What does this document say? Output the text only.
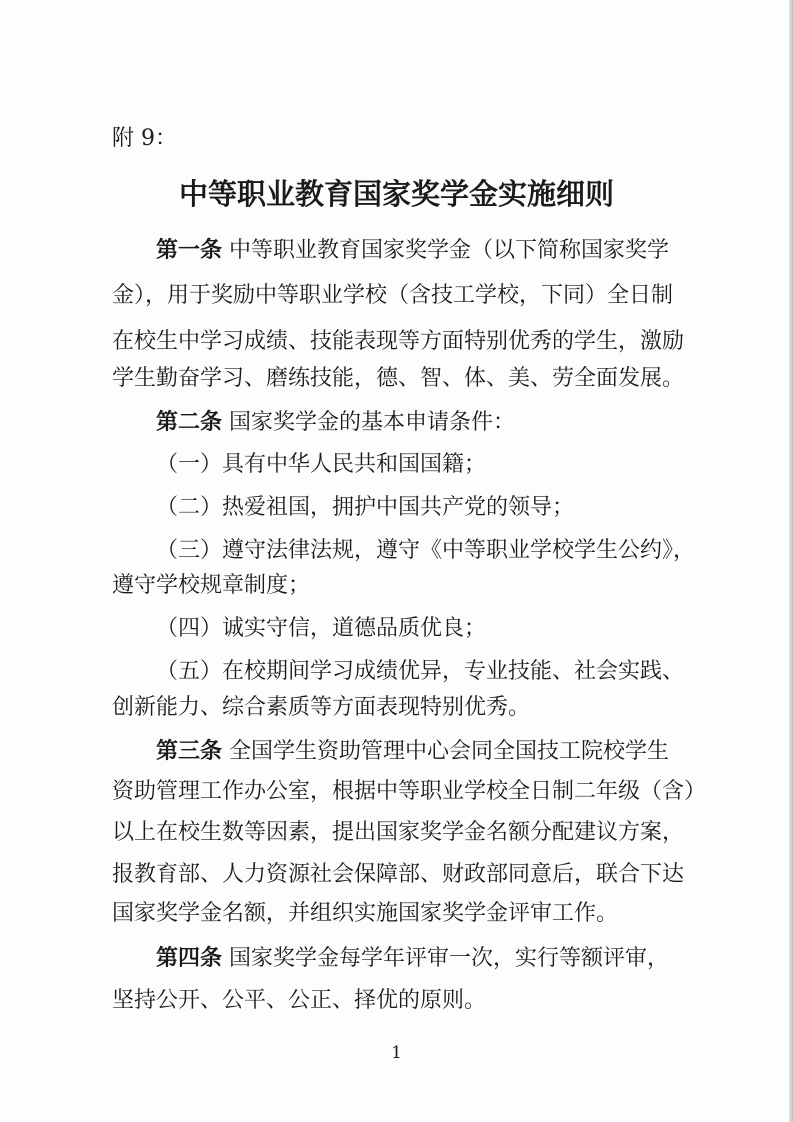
附 9：
中等职业教育国家奖学金实施细则
第一条 中等职业教育国家奖学金（以下简称国家奖学
金），用于奖励中等职业学校（含技工学校，下同）全日制
在校生中学习成绩、技能表现等方面特别优秀的学生，激励
学生勤奋学习、磨练技能，德、智、体、美、劳全面发展。
第二条 国家奖学金的基本申请条件：
（一）具有中华人民共和国国籍；
（二）热爱祖国，拥护中国共产党的领导；
（三）遵守法律法规，遵守《中等职业学校学生公约》，
遵守学校规章制度；
（四）诚实守信，道德品质优良；
（五）在校期间学习成绩优异，专业技能、社会实践、
创新能力、综合素质等方面表现特别优秀。
第三条 全国学生资助管理中心会同全国技工院校学生
资助管理工作办公室，根据中等职业学校全日制二年级（含）
以上在校生数等因素，提出国家奖学金名额分配建议方案，
报教育部、人力资源社会保障部、财政部同意后，联合下达
国家奖学金名额，并组织实施国家奖学金评审工作。
第四条 国家奖学金每学年评审一次，实行等额评审，
坚持公开、公平、公正、择优的原则。
1
